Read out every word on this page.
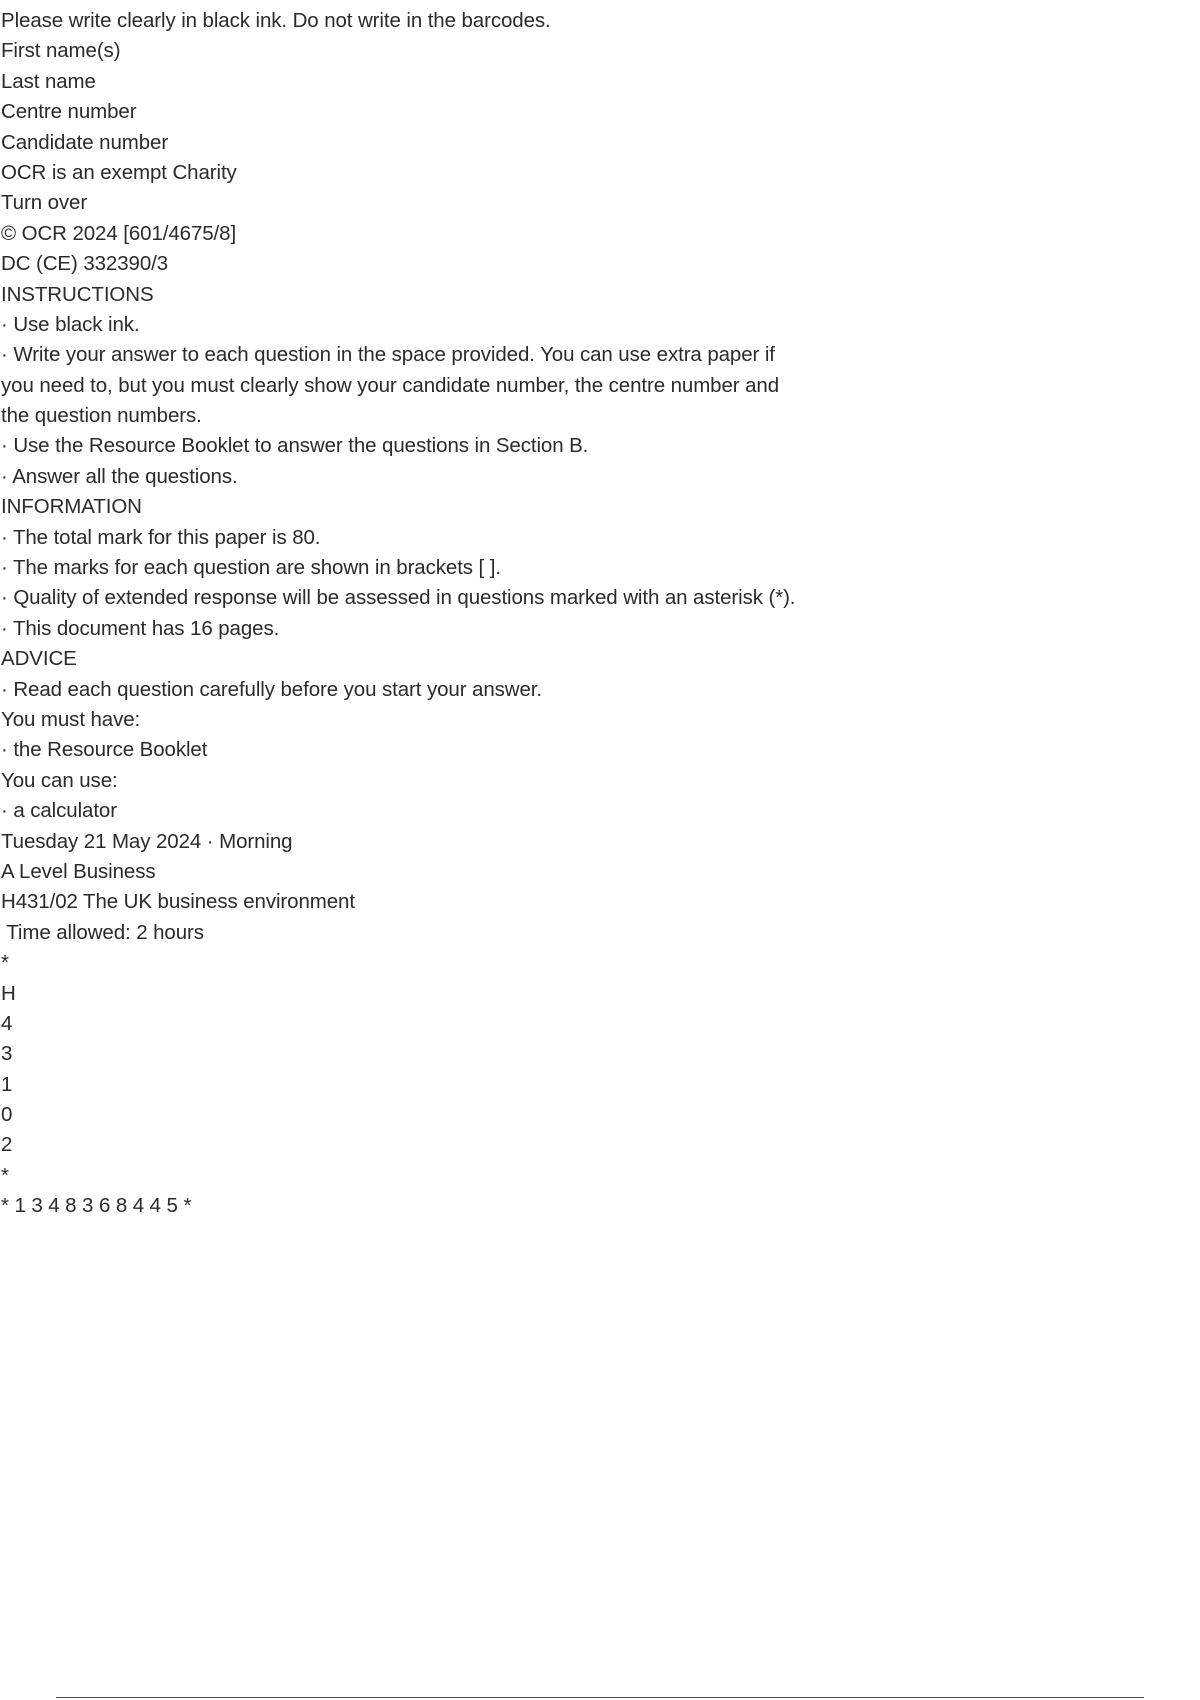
Please write clearly in black ink. Do not write in the barcodes.
First name(s)
Last name
Centre number
Candidate number
OCR is an exempt Charity
Turn over
© OCR 2024 [601/4675/8]
DC (CE) 332390/3
INSTRUCTIONS
· Use black ink.
· Write your answer to each question in the space provided. You can use extra paper if
you need to, but you must clearly show your candidate number, the centre number and
the question numbers.
· Use the Resource Booklet to answer the questions in Section B.
· Answer all the questions.
INFORMATION
· The total mark for this paper is 80.
· The marks for each question are shown in brackets [ ].
· Quality of extended response will be assessed in questions marked with an asterisk (*).
· This document has 16 pages.
ADVICE
· Read each question carefully before you start your answer.
You must have:
· the Resource Booklet
You can use:
· a calculator
Tuesday 21 May 2024 · Morning
A Level Business
H431/02 The UK business environment
Time allowed: 2 hours
*
H
4
3
1
0
2
*
* 1 3 4 8 3 6 8 4 4 5 *
